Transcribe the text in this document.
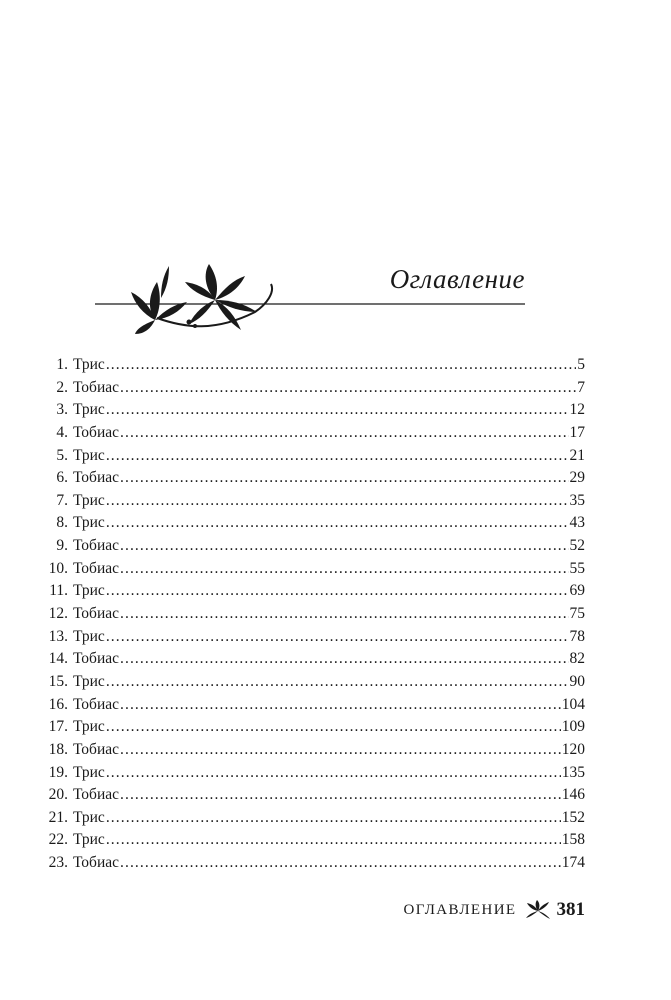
Оглавление
1. Трис .....	5
2. Тобиас .....	7
3. Трис .....	12
4. Тобиас .....	17
5. Трис .....	21
6. Тобиас .....	29
7. Трис .....	35
8. Трис .....	43
9. Тобиас .....	52
10. Тобиас .....	55
11. Трис .....	69
12. Тобиас .....	75
13. Трис .....	78
14. Тобиас .....	82
15. Трис .....	90
16. Тобиас .....	104
17. Трис .....	109
18. Тобиас .....	120
19. Трис .....	135
20. Тобиас .....	146
21. Трис .....	152
22. Трис .....	158
23. Тобиас .....	174
ОГЛАВЛЕНИЕ 381
